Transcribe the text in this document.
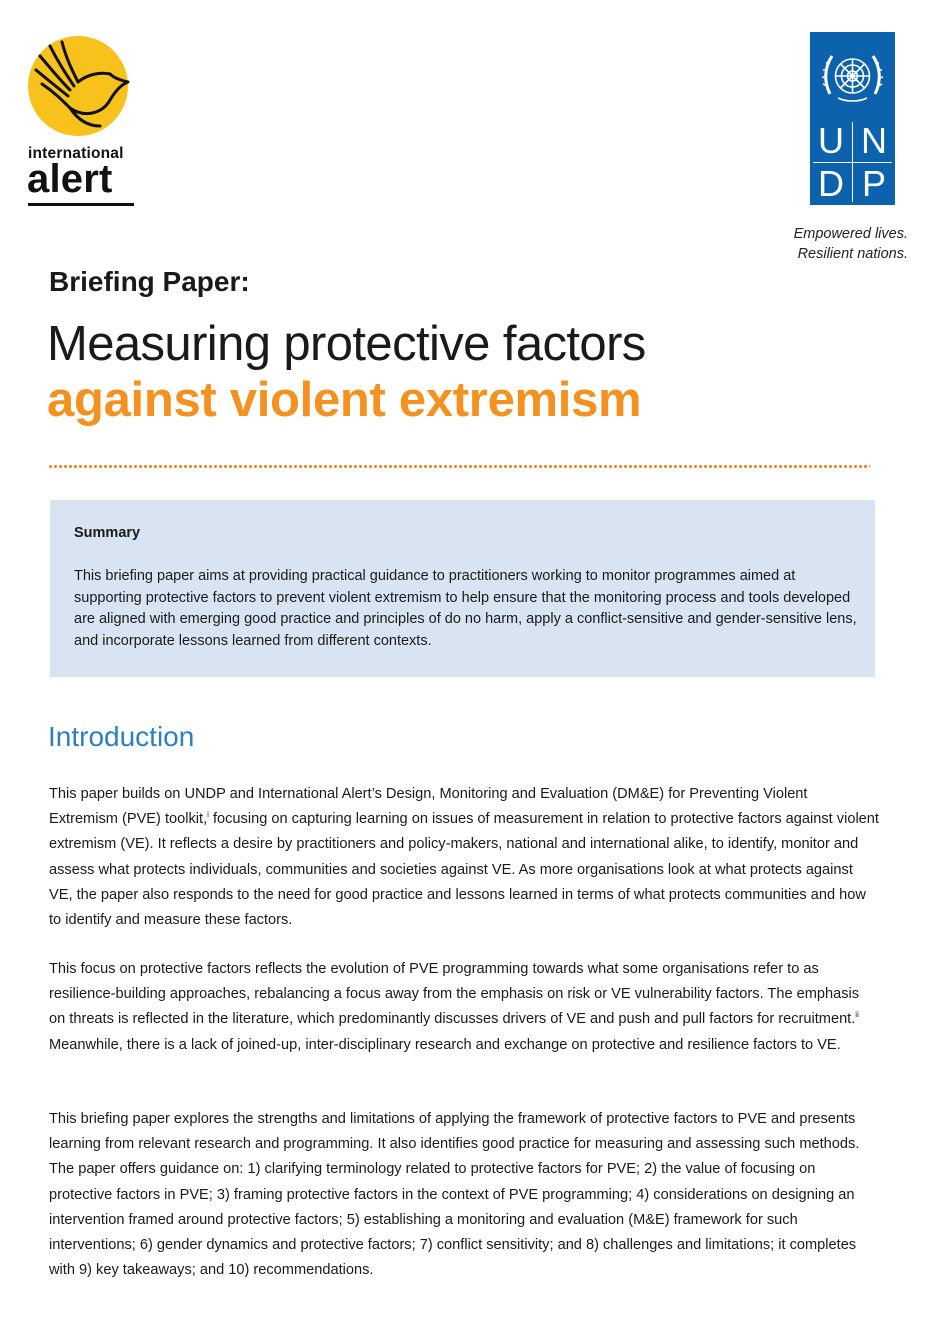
international
alert
U N
D P
Empowered lives.
Resilient nations.
Briefing Paper:
Measuring protective factors
against violent extremism
Summary
This briefing paper aims at providing practical guidance to practitioners working to monitor programmes aimed at supporting protective factors to prevent violent extremism to help ensure that the monitoring process and tools developed are aligned with emerging good practice and principles of do no harm, apply a conflict-sensitive and gender-sensitive lens, and incorporate lessons learned from different contexts.
Introduction
This paper builds on UNDP and International Alert’s Design, Monitoring and Evaluation (DM&E) for Preventing Violent Extremism (PVE) toolkit,$^i$ focusing on capturing learning on issues of measurement in relation to protective factors against violent extremism (VE). It reflects a desire by practitioners and policy-makers, national and international alike, to identify, monitor and assess what protects individuals, communities and societies against VE. As more organisations look at what protects against VE, the paper also responds to the need for good practice and lessons learned in terms of what protects communities and how to identify and measure these factors.
This focus on protective factors reflects the evolution of PVE programming towards what some organisations refer to as resilience-building approaches, rebalancing a focus away from the emphasis on risk or VE vulnerability factors. The emphasis on threats is reflected in the literature, which predominantly discusses drivers of VE and push and pull factors for recruitment.$^{ii}$ Meanwhile, there is a lack of joined-up, inter-disciplinary research and exchange on protective and resilience factors to VE.
This briefing paper explores the strengths and limitations of applying the framework of protective factors to PVE and presents learning from relevant research and programming. It also identifies good practice for measuring and assessing such methods. The paper offers guidance on: 1) clarifying terminology related to protective factors for PVE; 2) the value of focusing on protective factors in PVE; 3) framing protective factors in the context of PVE programming; 4) considerations on designing an intervention framed around protective factors; 5) establishing a monitoring and evaluation (M&E) framework for such interventions; 6) gender dynamics and protective factors; 7) conflict sensitivity; and 8) challenges and limitations; it completes with 9) key takeaways; and 10) recommendations.
